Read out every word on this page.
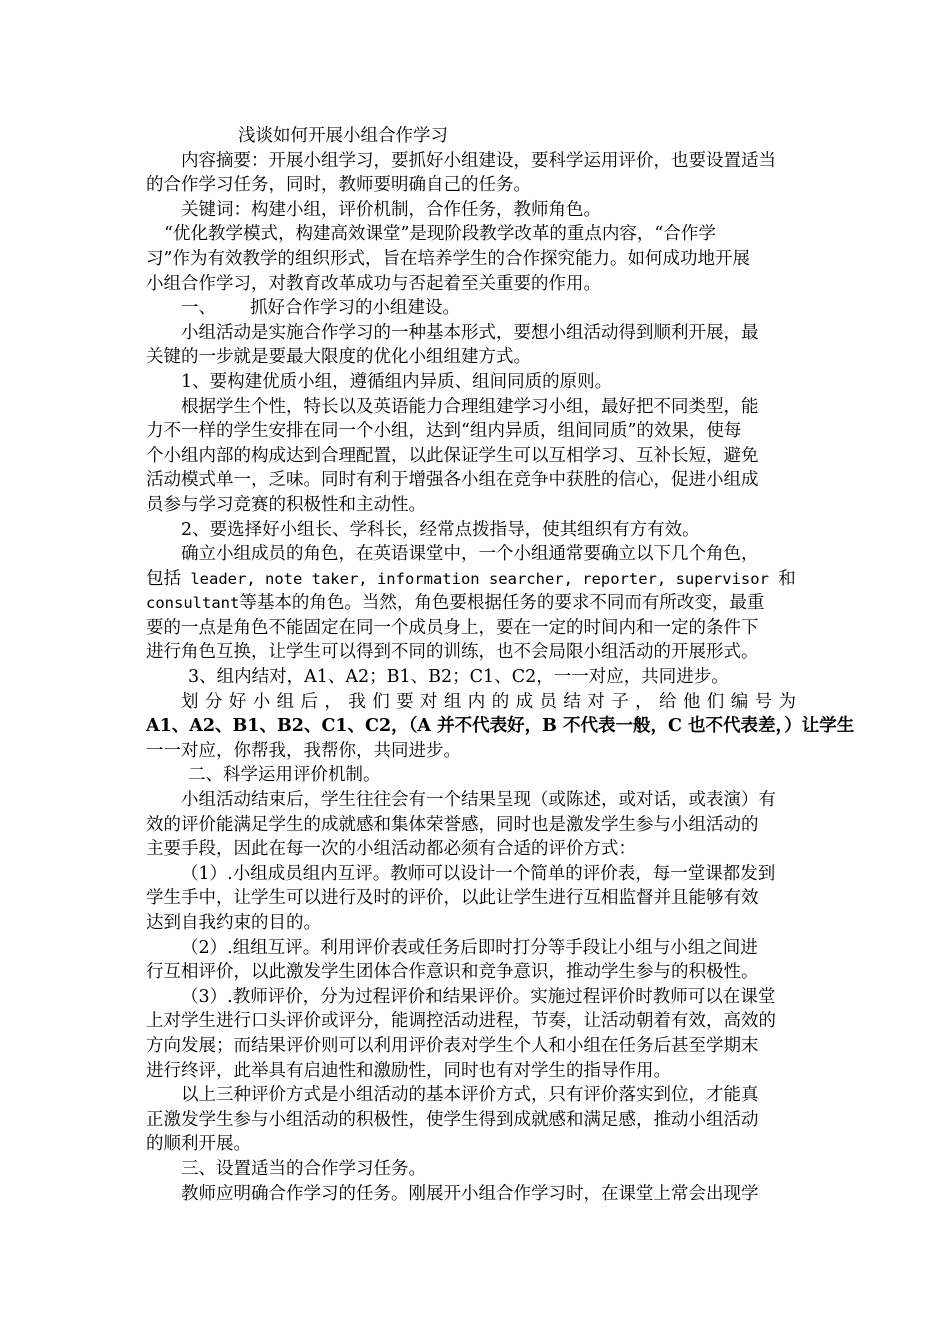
浅谈如何开展小组合作学习
内容摘要：开展小组学习，要抓好小组建设，要科学运用评价，也要设置适当
的合作学习任务，同时，教师要明确自己的任务。
关键词：构建小组，评价机制，合作任务，教师角色。
“优化教学模式，构建高效课堂”是现阶段教学改革的重点内容，“合作学
习”作为有效教学的组织形式，旨在培养学生的合作探究能力。如何成功地开展
小组合作学习，对教育改革成功与否起着至关重要的作用。
一、 抓好合作学习的小组建设。
小组活动是实施合作学习的一种基本形式，要想小组活动得到顺利开展，最
关键的一步就是要最大限度的优化小组组建方式。
1、要构建优质小组，遵循组内异质、组间同质的原则。
根据学生个性，特长以及英语能力合理组建学习小组，最好把不同类型，能
力不一样的学生安排在同一个小组，达到“组内异质，组间同质”的效果，使每
个小组内部的构成达到合理配置，以此保证学生可以互相学习、互补长短，避免
活动模式单一，乏味。同时有利于增强各小组在竞争中获胜的信心，促进小组成
员参与学习竞赛的积极性和主动性。
2、要选择好小组长、学科长，经常点拨指导，使其组织有方有效。
确立小组成员的角色，在英语课堂中，一个小组通常要确立以下几个角色，
包括 leader, note taker, information searcher, reporter, supervisor 和
consultant等基本的角色。当然，角色要根据任务的要求不同而有所改变，最重
要的一点是角色不能固定在同一个成员身上，要在一定的时间内和一定的条件下
进行角色互换，让学生可以得到不同的训练，也不会局限小组活动的开展形式。
3、组内结对，A1、A2；B1、B2；C1、C2，一一对应，共同进步。
划分好小组后，我们要对组内的成员结对子，给他们编号为
A1、A2、B1、B2、C1、C2，（A 并不代表好，B 不代表一般，C 也不代表差，）让学生
一一对应，你帮我，我帮你，共同进步。
二、科学运用评价机制。
小组活动结束后，学生往往会有一个结果呈现（或陈述，或对话，或表演）有
效的评价能满足学生的成就感和集体荣誉感，同时也是激发学生参与小组活动的
主要手段，因此在每一次的小组活动都必须有合适的评价方式：
（1）.小组成员组内互评。教师可以设计一个简单的评价表，每一堂课都发到
学生手中，让学生可以进行及时的评价，以此让学生进行互相监督并且能够有效
达到自我约束的目的。
（2）.组组互评。利用评价表或任务后即时打分等手段让小组与小组之间进
行互相评价，以此激发学生团体合作意识和竞争意识，推动学生参与的积极性。
（3）.教师评价，分为过程评价和结果评价。实施过程评价时教师可以在课堂
上对学生进行口头评价或评分，能调控活动进程，节奏，让活动朝着有效，高效的
方向发展；而结果评价则可以利用评价表对学生个人和小组在任务后甚至学期末
进行终评，此举具有启迪性和激励性，同时也有对学生的指导作用。
以上三种评价方式是小组活动的基本评价方式，只有评价落实到位，才能真
正激发学生参与小组活动的积极性，使学生得到成就感和满足感，推动小组活动
的顺利开展。
三、设置适当的合作学习任务。
教师应明确合作学习的任务。刚展开小组合作学习时，在课堂上常会出现学
